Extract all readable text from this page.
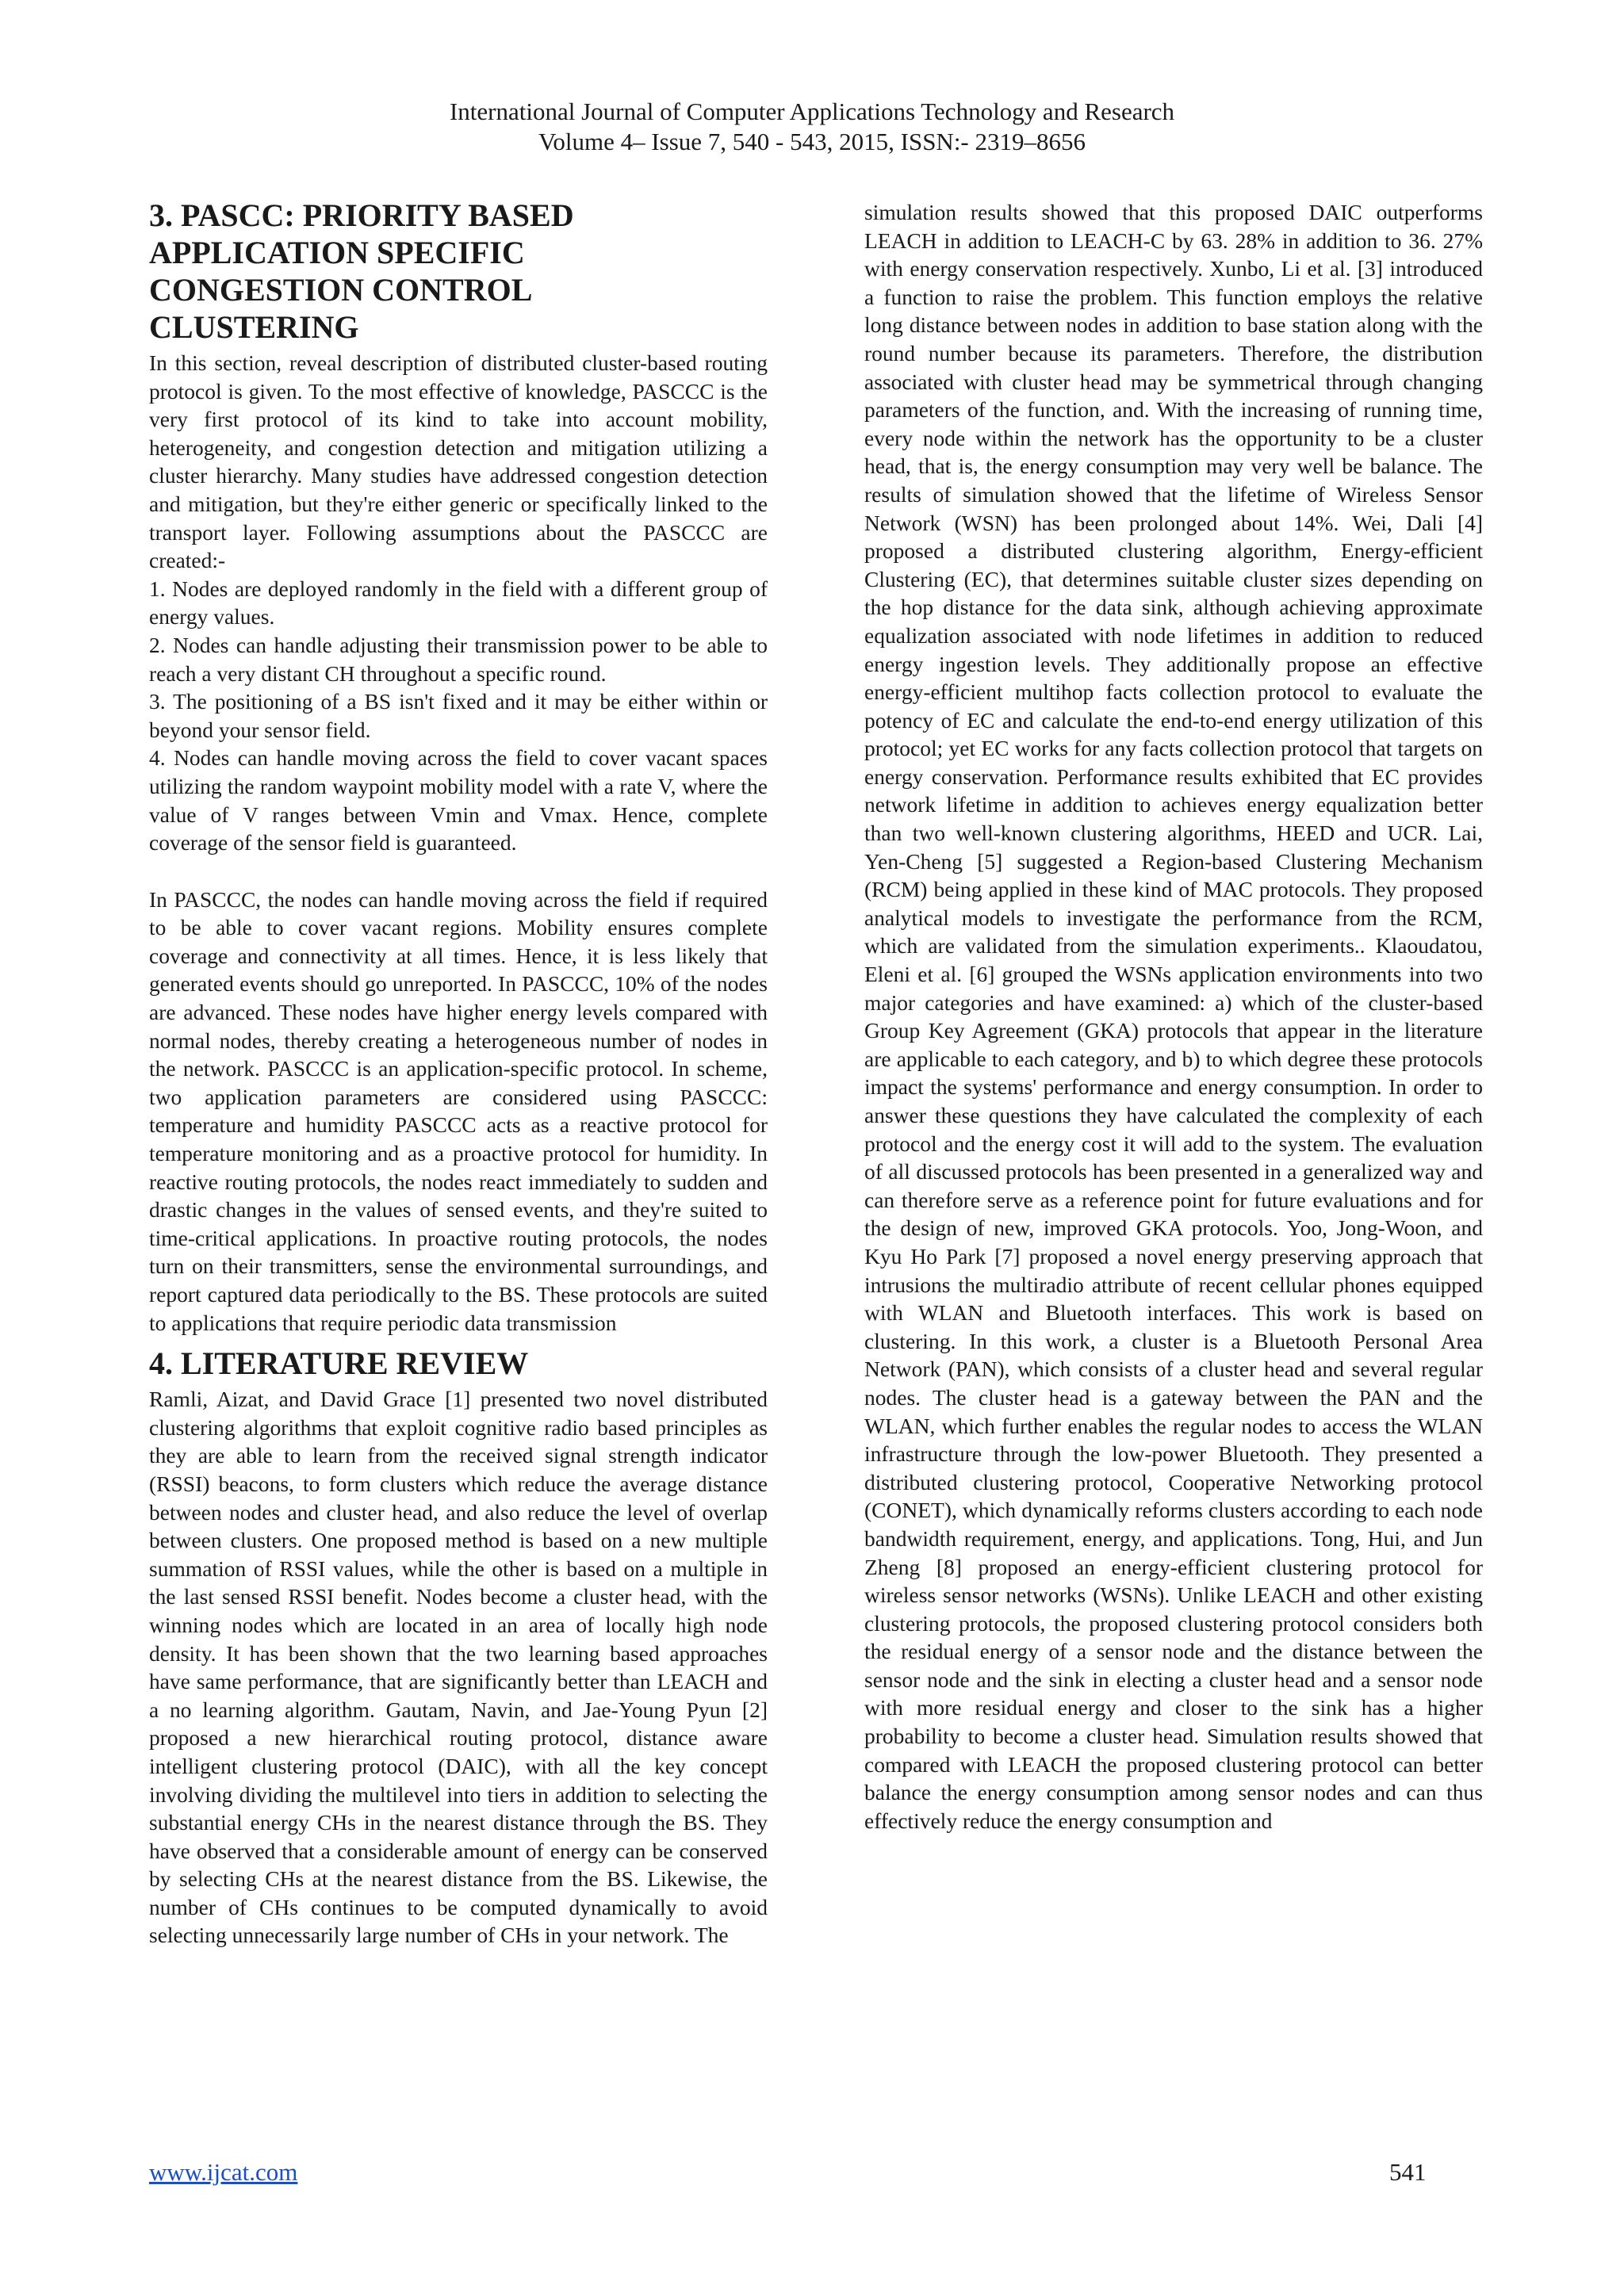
International Journal of Computer Applications Technology and Research
Volume 4– Issue 7, 540 - 543, 2015, ISSN:- 2319–8656
3. PASCC: PRIORITY BASED APPLICATION SPECIFIC CONGESTION CONTROL CLUSTERING

In this section, reveal description of distributed cluster-based routing protocol is given. To the most effective of knowledge, PASCCC is the very first protocol of its kind to take into account mobility, heterogeneity, and congestion detection and mitigation utilizing a cluster hierarchy. Many studies have addressed congestion detection and mitigation, but they're either generic or specifically linked to the transport layer. Following assumptions about the PASCCC are created:-

1. Nodes are deployed randomly in the field with a different group of energy values.

2. Nodes can handle adjusting their transmission power to be able to reach a very distant CH throughout a specific round.

3. The positioning of a BS isn't fixed and it may be either within or beyond your sensor field.

4. Nodes can handle moving across the field to cover vacant spaces utilizing the random waypoint mobility model with a rate V, where the value of V ranges between Vmin and Vmax. Hence, complete coverage of the sensor field is guaranteed.

In PASCCC, the nodes can handle moving across the field if required to be able to cover vacant regions. Mobility ensures complete coverage and connectivity at all times. Hence, it is less likely that generated events should go unreported. In PASCCC, 10% of the nodes are advanced. These nodes have higher energy levels compared with normal nodes, thereby creating a heterogeneous number of nodes in the network. PASCCC is an application-specific protocol. In scheme, two application parameters are considered using PASCCC: temperature and humidity PASCCC acts as a reactive protocol for temperature monitoring and as a proactive protocol for humidity. In reactive routing protocols, the nodes react immediately to sudden and drastic changes in the values of sensed events, and they're suited to time-critical applications. In proactive routing protocols, the nodes turn on their transmitters, sense the environmental surroundings, and report captured data periodically to the BS. These protocols are suited to applications that require periodic data transmission

4. LITERATURE REVIEW

Ramli, Aizat, and David Grace [1] presented two novel distributed clustering algorithms that exploit cognitive radio based principles as they are able to learn from the received signal strength indicator (RSSI) beacons, to form clusters which reduce the average distance between nodes and cluster head, and also reduce the level of overlap between clusters. One proposed method is based on a new multiple summation of RSSI values, while the other is based on a multiple in the last sensed RSSI benefit. Nodes become a cluster head, with the winning nodes which are located in an area of locally high node density. It has been shown that the two learning based approaches have same performance, that are significantly better than LEACH and a no learning algorithm. Gautam, Navin, and Jae-Young Pyun [2] proposed a new hierarchical routing protocol, distance aware intelligent clustering protocol (DAIC), with all the key concept involving dividing the multilevel into tiers in addition to selecting the substantial energy CHs in the nearest distance through the BS. They have observed that a considerable amount of energy can be conserved by selecting CHs at the nearest distance from the BS. Likewise, the number of CHs continues to be computed dynamically to avoid selecting unnecessarily large number of CHs in your network. The

simulation results showed that this proposed DAIC outperforms LEACH in addition to LEACH-C by 63. 28% in addition to 36. 27% with energy conservation respectively. Xunbo, Li et al. [3] introduced a function to raise the problem. This function employs the relative long distance between nodes in addition to base station along with the round number because its parameters. Therefore, the distribution associated with cluster head may be symmetrical through changing parameters of the function, and. With the increasing of running time, every node within the network has the opportunity to be a cluster head, that is, the energy consumption may very well be balance. The results of simulation showed that the lifetime of Wireless Sensor Network (WSN) has been prolonged about 14%. Wei, Dali [4] proposed a distributed clustering algorithm, Energy-efficient Clustering (EC), that determines suitable cluster sizes depending on the hop distance for the data sink, although achieving approximate equalization associated with node lifetimes in addition to reduced energy ingestion levels. They additionally propose an effective energy-efficient multihop facts collection protocol to evaluate the potency of EC and calculate the end-to-end energy utilization of this protocol; yet EC works for any facts collection protocol that targets on energy conservation. Performance results exhibited that EC provides network lifetime in addition to achieves energy equalization better than two well-known clustering algorithms, HEED and UCR. Lai, Yen-Cheng [5] suggested a Region-based Clustering Mechanism (RCM) being applied in these kind of MAC protocols. They proposed analytical models to investigate the performance from the RCM, which are validated from the simulation experiments.. Klaoudatou, Eleni et al. [6] grouped the WSNs application environments into two major categories and have examined: a) which of the cluster-based Group Key Agreement (GKA) protocols that appear in the literature are applicable to each category, and b) to which degree these protocols impact the systems' performance and energy consumption. In order to answer these questions they have calculated the complexity of each protocol and the energy cost it will add to the system. The evaluation of all discussed protocols has been presented in a generalized way and can therefore serve as a reference point for future evaluations and for the design of new, improved GKA protocols. Yoo, Jong-Woon, and Kyu Ho Park [7] proposed a novel energy preserving approach that intrusions the multiradio attribute of recent cellular phones equipped with WLAN and Bluetooth interfaces. This work is based on clustering. In this work, a cluster is a Bluetooth Personal Area Network (PAN), which consists of a cluster head and several regular nodes. The cluster head is a gateway between the PAN and the WLAN, which further enables the regular nodes to access the WLAN infrastructure through the low-power Bluetooth. They presented a distributed clustering protocol, Cooperative Networking protocol (CONET), which dynamically reforms clusters according to each node bandwidth requirement, energy, and applications. Tong, Hui, and Jun Zheng [8] proposed an energy-efficient clustering protocol for wireless sensor networks (WSNs). Unlike LEACH and other existing clustering protocols, the proposed clustering protocol considers both the residual energy of a sensor node and the distance between the sensor node and the sink in electing a cluster head and a sensor node with more residual energy and closer to the sink has a higher probability to become a cluster head. Simulation results showed that compared with LEACH the proposed clustering protocol can better balance the energy consumption among sensor nodes and can thus effectively reduce the energy consumption and

www.ijcat.com	541
